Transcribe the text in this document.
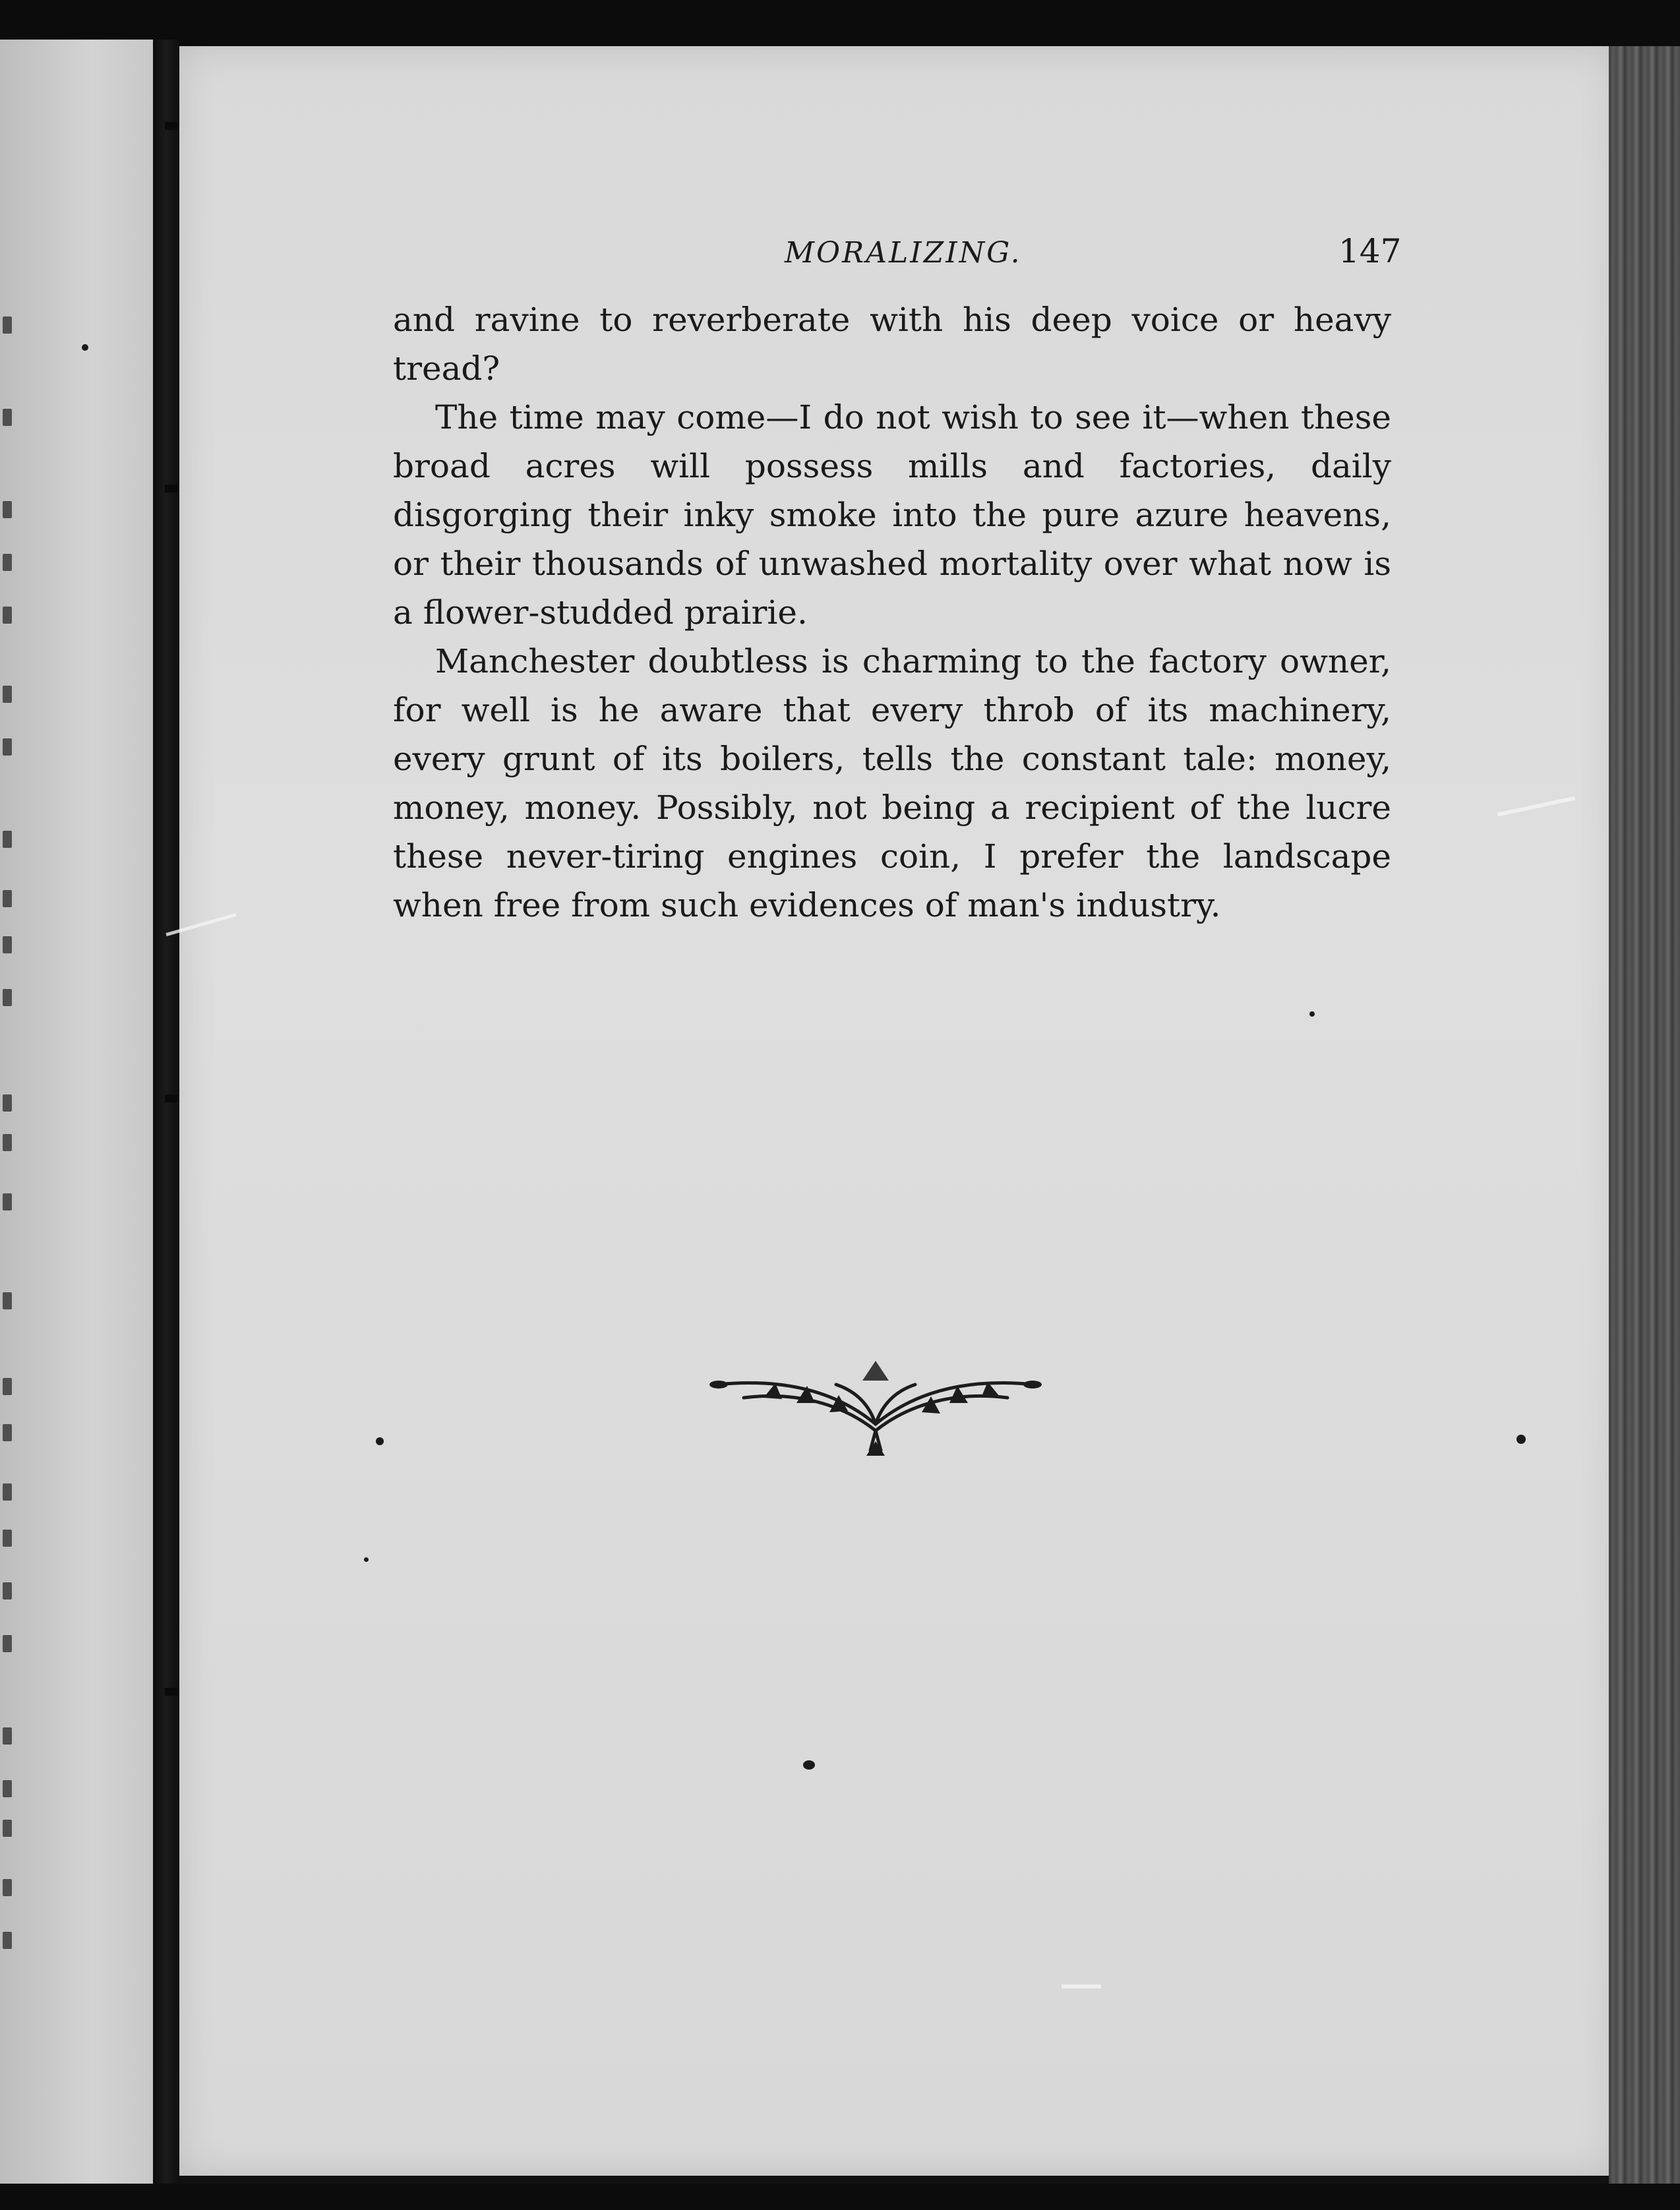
MORALIZING.	147

and ravine to reverberate with his deep voice or heavy tread?

The time may come—I do not wish to see it—when these broad acres will possess mills and factories, daily disgorging their inky smoke into the pure azure heavens, or their thousands of unwashed mortality over what now is a flower-studded prairie.

Manchester doubtless is charming to the factory owner, for well is he aware that every throb of its machinery, every grunt of its boilers, tells the constant tale: money, money, money. Possibly, not being a recipient of the lucre these never-tiring engines coin, I prefer the landscape when free from such evidences of man's industry.
